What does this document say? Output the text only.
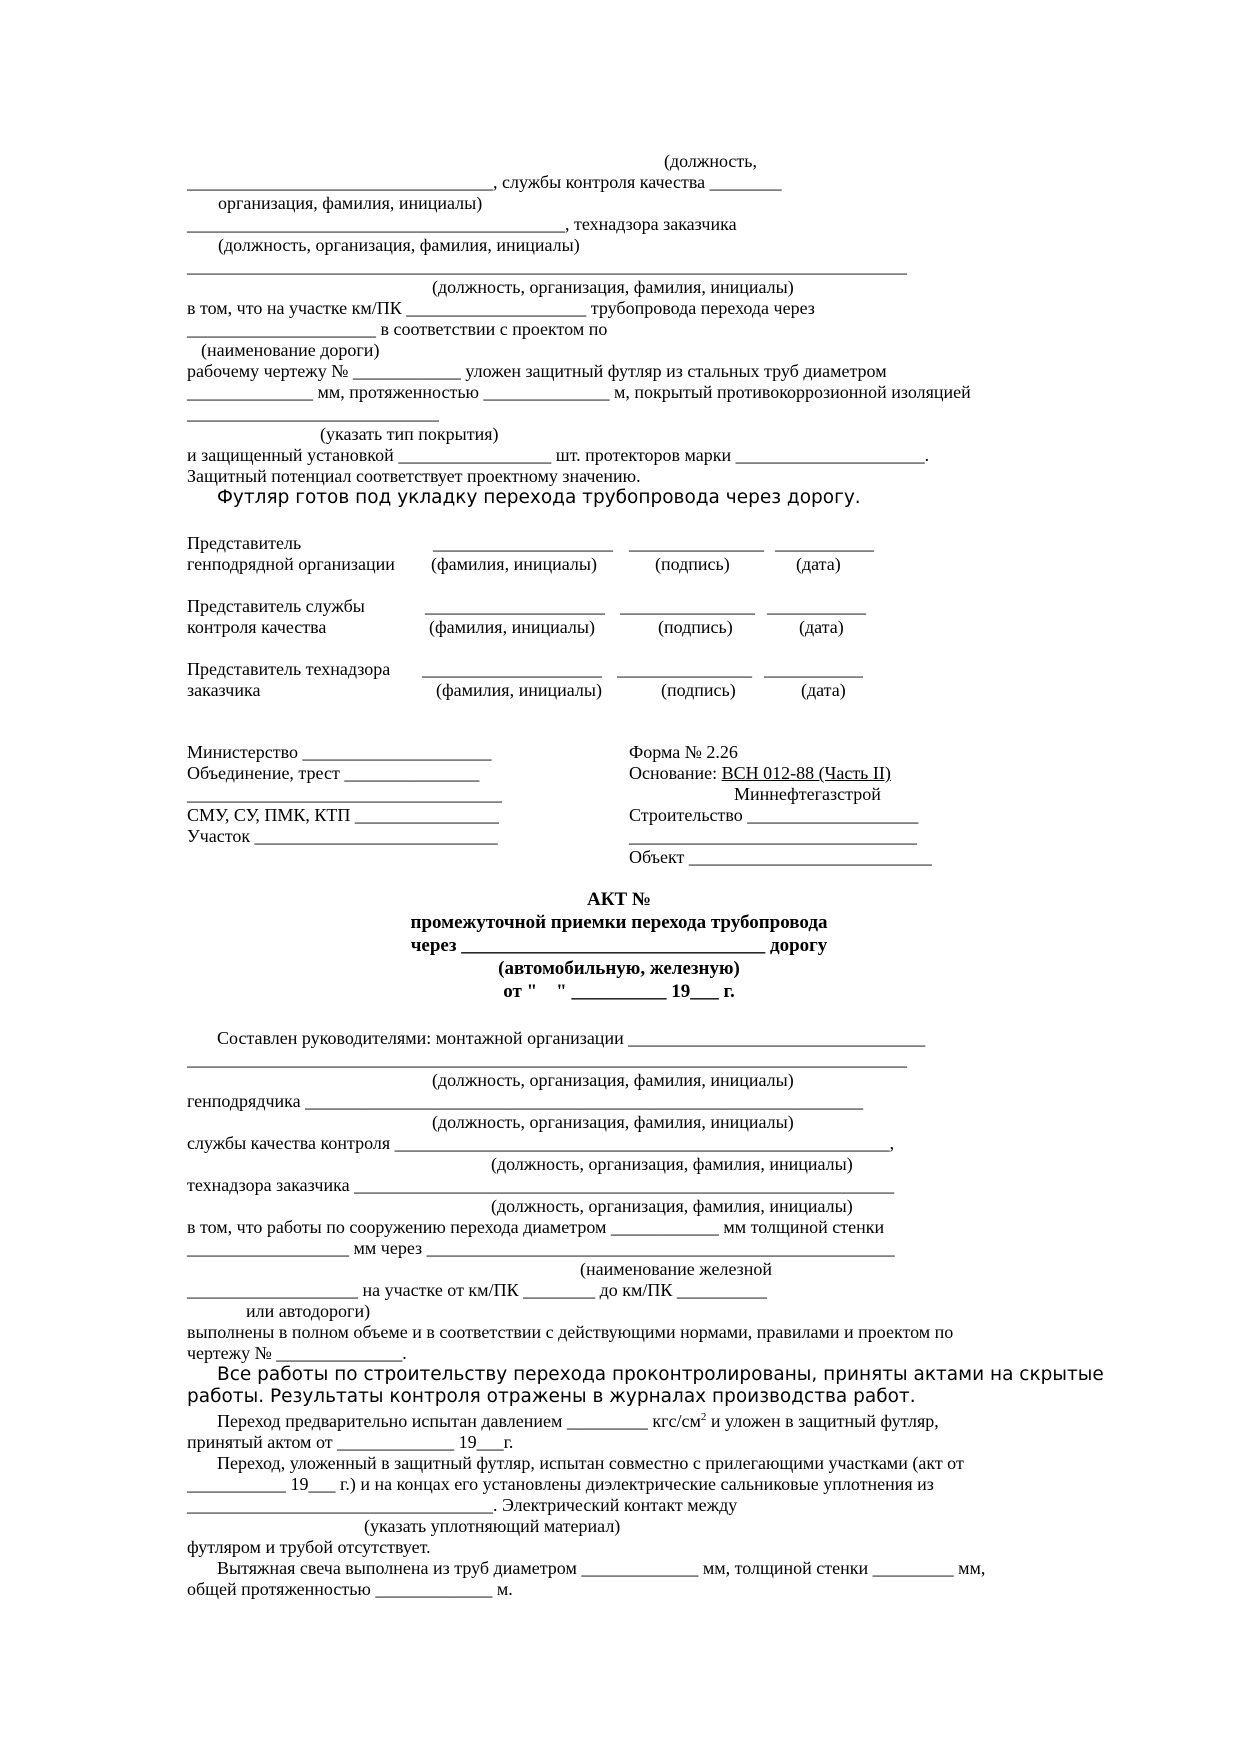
(должность,
__________________________________, службы контроля качества ________
организация, фамилия, инициалы)
__________________________________________, технадзора заказчика
(должность, организация, фамилия, инициалы)
________________________________________________________________________________
(должность, организация, фамилия, инициалы)
в том, что на участке км/ПК ____________________ трубопровода перехода через
_____________________ в соответствии с проектом по
(наименование дороги)
рабочему чертежу № ____________ уложен защитный футляр из стальных труб диаметром
______________ мм, протяженностью ______________ м, покрытый противокоррозионной изоляцией
____________________________
(указать тип покрытия)
и защищенный установкой _________________ шт. протекторов марки _____________________.
Защитный потенциал соответствует проектному значению.
Футляр готов под укладку перехода трубопровода через дорогу.
Представитель
генподрядной организации
____________________ _______________ ___________
(фамилия, инициалы)	(подпись)	(дата)
Представитель службы
контроля качества
____________________ _______________ ___________
(фамилия, инициалы)	(подпись)	(дата)
Представитель технадзора
заказчика
____________________ _______________ ___________
(фамилия, инициалы)	(подпись)	(дата)
Министерство _____________________
Объединение, трест _______________
___________________________________
СМУ, СУ, ПМК, КТП ________________
Участок ___________________________
Форма № 2.26
Основание: ВСН 012-88 (Часть II)
Миннефтегазстрой
Строительство ___________________
________________________________
Объект ___________________________
АКТ №
промежуточной приемки перехода трубопровода
через ________________________________ дорогу
(автомобильную, железную)
от "    " __________ 19___ г.
Составлен руководителями: монтажной организации _________________________________
________________________________________________________________________________
(должность, организация, фамилия, инициалы)
генподрядчика ______________________________________________________________
(должность, организация, фамилия, инициалы)
службы качества контроля _______________________________________________________,
(должность, организация, фамилия, инициалы)
технадзора заказчика ____________________________________________________________
(должность, организация, фамилия, инициалы)
в том, что работы по сооружению перехода диаметром ____________ мм толщиной стенки
__________________ мм через ____________________________________________________
(наименование железной
___________________ на участке от км/ПК ________ до км/ПК __________
или автодороги)
выполнены в полном объеме и в соответствии с действующими нормами, правилами и проектом по
чертежу № ______________.
Все работы по строительству перехода проконтролированы, приняты актами на скрытые
работы. Результаты контроля отражены в журналах производства работ.
Переход предварительно испытан давлением _________ кгс/$см^2$ и уложен в защитный футляр,
принятый актом от _____________ 19___г.
Переход, уложенный в защитный футляр, испытан совместно с прилегающими участками (акт от
___________ 19___ г.) и на концах его установлены диэлектрические сальниковые уплотнения из
__________________________________. Электрический контакт между
(указать уплотняющий материал)
футляром и трубой отсутствует.
Вытяжная свеча выполнена из труб диаметром _____________ мм, толщиной стенки _________ мм,
общей протяженностью _____________ м.
